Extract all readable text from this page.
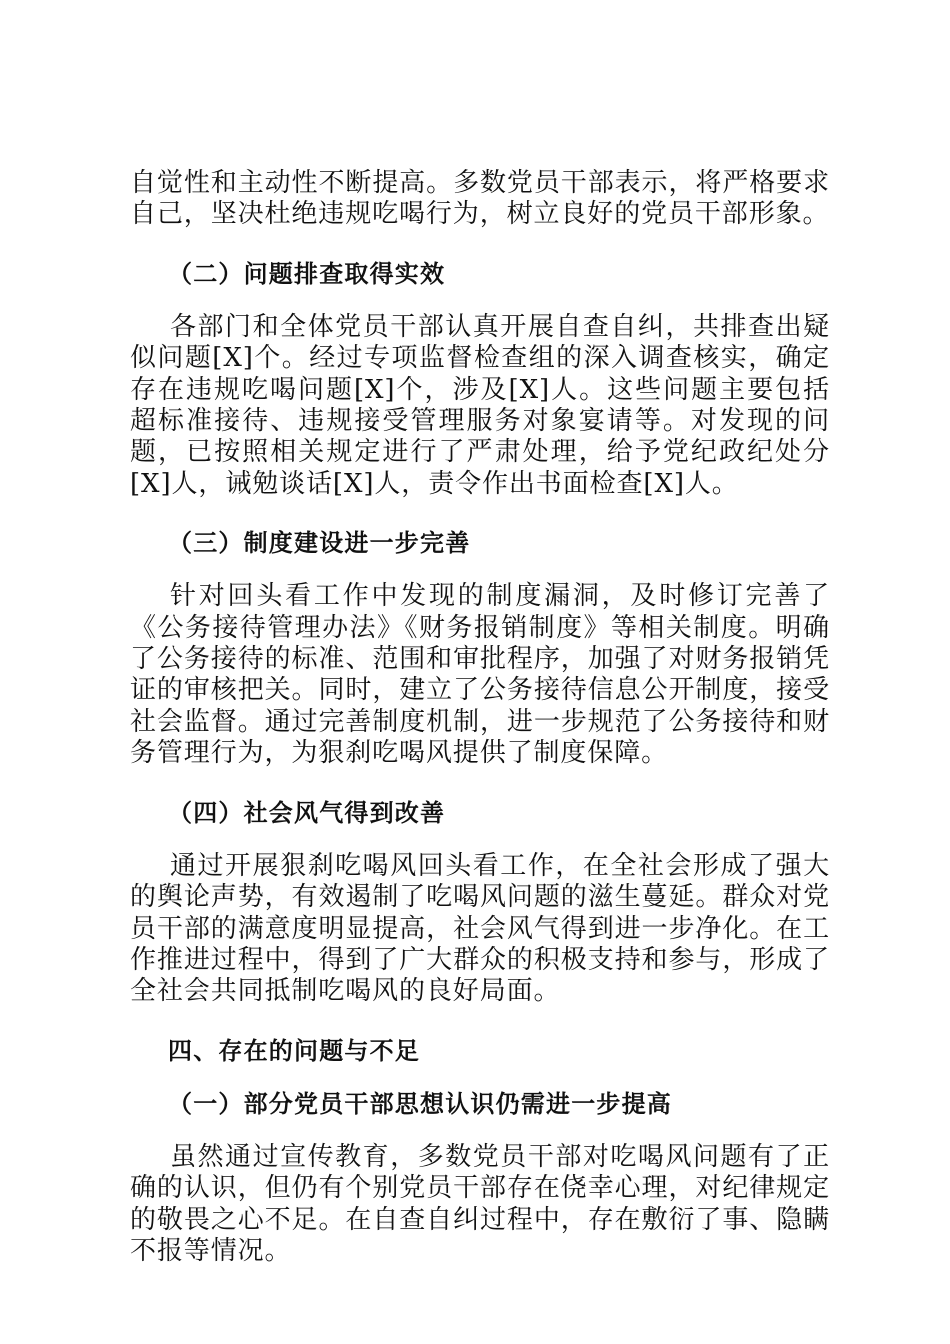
自觉性和主动性不断提高。多数党员干部表示，将严格要求自己，坚决杜绝违规吃喝行为，树立良好的党员干部形象。

（二）问题排查取得实效

各部门和全体党员干部认真开展自查自纠，共排查出疑似问题[X]个。经过专项监督检查组的深入调查核实，确定存在违规吃喝问题[X]个，涉及[X]人。这些问题主要包括超标准接待、违规接受管理服务对象宴请等。对发现的问题，已按照相关规定进行了严肃处理，给予党纪政纪处分[X]人，诫勉谈话[X]人，责令作出书面检查[X]人。

（三）制度建设进一步完善

针对回头看工作中发现的制度漏洞，及时修订完善了《公务接待管理办法》《财务报销制度》等相关制度。明确了公务接待的标准、范围和审批程序，加强了对财务报销凭证的审核把关。同时，建立了公务接待信息公开制度，接受社会监督。通过完善制度机制，进一步规范了公务接待和财务管理行为，为狠刹吃喝风提供了制度保障。

（四）社会风气得到改善

通过开展狠刹吃喝风回头看工作，在全社会形成了强大的舆论声势，有效遏制了吃喝风问题的滋生蔓延。群众对党员干部的满意度明显提高，社会风气得到进一步净化。在工作推进过程中，得到了广大群众的积极支持和参与，形成了全社会共同抵制吃喝风的良好局面。

四、存在的问题与不足
（一）部分党员干部思想认识仍需进一步提高

虽然通过宣传教育，多数党员干部对吃喝风问题有了正确的认识，但仍有个别党员干部存在侥幸心理，对纪律规定的敬畏之心不足。在自查自纠过程中，存在敷衍了事、隐瞒不报等情况。
